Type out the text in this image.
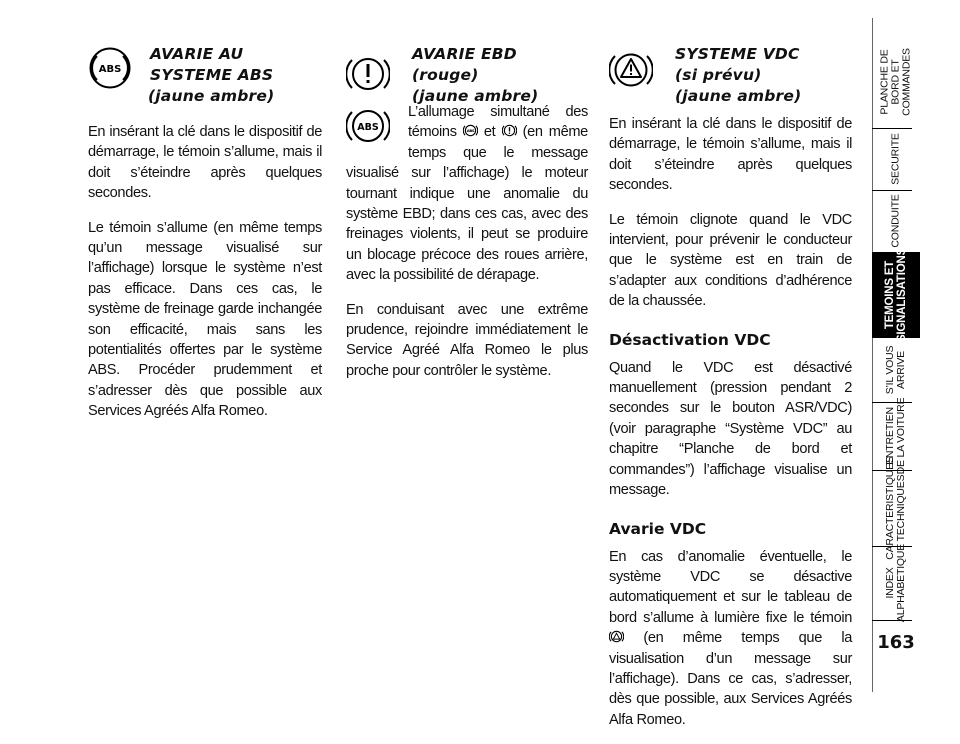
ABS
AVARIE AU
SYSTEME ABS
(jaune ambre)

En insérant la clé dans le dispositif de démarrage, le témoin s’allume, mais il doit s’éteindre après quelques secondes.

Le témoin s’allume (en même temps qu’un message visualisé sur l’affichage) lorsque le système n’est pas efficace. Dans ces cas, le système de freinage garde inchangée son efficacité, mais sans les potentialités offertes par le système ABS. Procéder prudemment et s’adresser dès que possible aux Services Agréés Alfa Romeo.

AVARIE EBD
(rouge)
(jaune ambre)
ABS

L’allumage simultané des témoins ABS et (en même temps que le message visualisé sur l’affichage) le moteur tournant indique une anomalie du système EBD; dans ces cas, avec des freinages violents, il peut se produire un blocage précoce des roues arrière, avec la possibilité de dérapage.

En conduisant avec une extrême prudence, rejoindre immédiatement le Service Agréé Alfa Romeo le plus proche pour contrôler le système.

SYSTEME VDC
(si prévu)
(jaune ambre)

En insérant la clé dans le dispositif de démarrage, le témoin s’allume, mais il doit s’éteindre après quelques secondes.

Le témoin clignote quand le VDC intervient, pour prévenir le conducteur que le système est en train de s’adapter aux conditions d’adhérence de la chaussée.

Désactivation VDC

Quand le VDC est désactivé manuellement (pression pendant 2 secondes sur le bouton ASR/VDC) (voir paragraphe “Système VDC” au chapitre “Planche de bord et commandes”) l’affichage visualise un message.

Avarie VDC

En cas d’anomalie éventuelle, le système VDC se désactive automatiquement et sur le tableau de bord s’allume à lumière fixe le témoin  (en même temps que la visualisation d’un message sur l’affichage). Dans ce cas, s’adresser, dès que possible, aux Services Agréés Alfa Romeo.

PLANCHE DE BORD ET COMMANDES
SECURITE
CONDUITE
TEMOINS ET SIGNALISATIONS
S’IL VOUS ARRIVE
ENTRETIEN DE LA VOITURE
CARACTERISTIQUES TECHNIQUES
INDEX ALPHABETIQUE
163
